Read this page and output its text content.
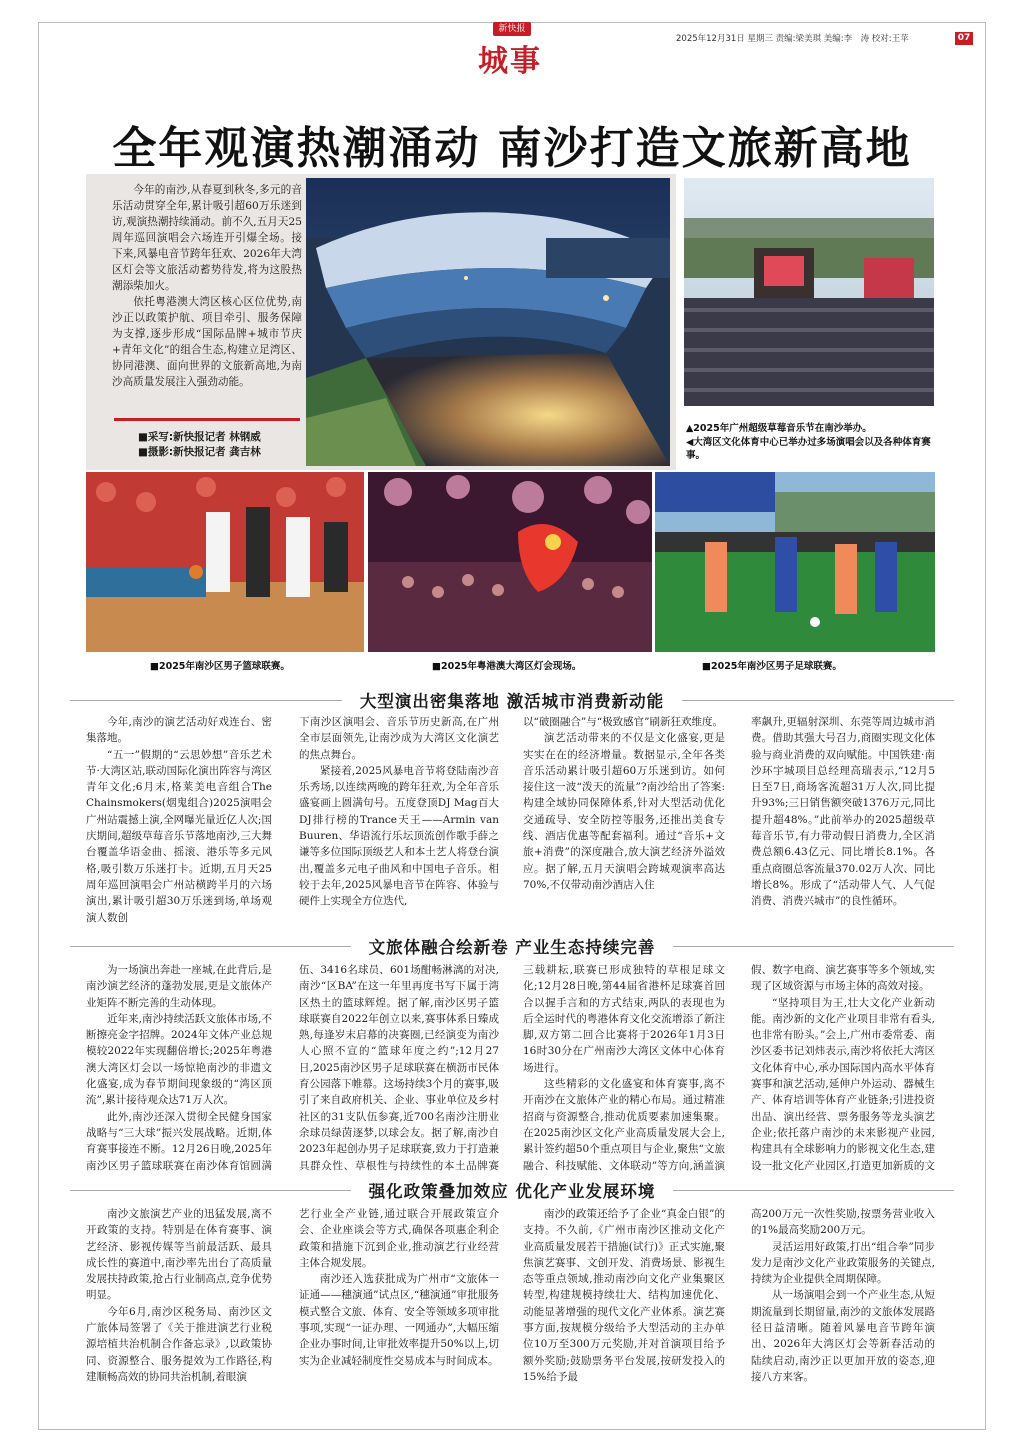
新快报
城事
2025年12月31日 星期三 责编:梁美琪 美编:李　涛 校对:王苹	07
全年观演热潮涌动 南沙打造文旅新高地

今年的南沙,从春夏到秋冬,多元的音乐活动贯穿全年,累计吸引超60万乐迷到访,观演热潮持续涌动。前不久,五月天25周年巡回演唱会六场连开引爆全场。接下来,风暴电音节跨年狂欢、2026年大湾区灯会等文旅活动蓄势待发,将为这股热潮添柴加火。

依托粤港澳大湾区核心区位优势,南沙正以政策护航、项目牵引、服务保障为支撑,逐步形成“国际品牌+城市节庆+青年文化”的组合生态,构建立足湾区、协同港澳、面向世界的文旅新高地,为南沙高质量发展注入强劲动能。

■采写:新快报记者 林钢威
■摄影:新快报记者 龚吉林
▲2025年广州超级草莓音乐节在南沙举办。
◀大湾区文化体育中心已举办过多场演唱会以及各种体育赛事。
■2025年南沙区男子篮球联赛。	■2025年粤港澳大湾区灯会现场。	■2025年南沙区男子足球联赛。
大型演出密集落地 激活城市消费新动能

今年,南沙的演艺活动好戏连台、密集落地。

“五一”假期的“云思妙想”音乐艺术节·大湾区站,联动国际化演出阵容与湾区青年文化;6月末,格莱美电音组合The Chainsmokers(烟鬼组合)2025演唱会广州站震撼上演,全网曝光量近亿人次;国庆期间,超级草莓音乐节落地南沙,三大舞台覆盖华语金曲、摇滚、港乐等多元风格,吸引数万乐迷打卡。近期,五月天25周年巡回演唱会广州站横跨半月的六场演出,累计吸引超30万乐迷到场,单场观演人数创

下南沙区演唱会、音乐节历史新高,在广州全市层面领先,让南沙成为大湾区文化演艺的焦点舞台。

紧接着,2025风暴电音节将登陆南沙音乐秀场,以连续两晚的跨年狂欢,为全年音乐盛宴画上圆满句号。五度登顶DJ Mag百大DJ排行榜的Trance天王——Armin van Buuren、华语流行乐坛顶流创作歌手薛之谦等多位国际顶级艺人和本土艺人将登台演出,覆盖多元电子曲风和中国电子音乐。相较于去年,2025风暴电音节在阵容、体验与硬件上实现全方位迭代,

以“破圈融合”与“极致感官”刷新狂欢维度。

演艺活动带来的不仅是文化盛宴,更是实实在在的经济增量。数据显示,全年各类音乐活动累计吸引超60万乐迷到访。如何接住这一波“泼天的流量”?南沙给出了答案:构建全域协同保障体系,针对大型活动优化交通疏导、安全防控等服务,还推出美食专线、酒店优惠等配套福利。通过“音乐+文旅+消费”的深度融合,放大演艺经济外溢效应。据了解,五月天演唱会跨城观演率高达70%,不仅带动南沙酒店入住

率飙升,更辐射深圳、东莞等周边城市消费。借助其强大号召力,商圈实现文化体验与商业消费的双向赋能。中国铁建·南沙环宇城项目总经理高瑞表示,“12月5日至7日,商场客流超31万人次,同比提升93%;三日销售额突破1376万元,同比提升超48%。”此前举办的2025超级草莓音乐节,有力带动假日消费力,全区消费总额6.43亿元、同比增长8.1%。各重点商圈总客流量370.02万人次、同比增长8%。形成了“活动带人气、人气促消费、消费兴城市”的良性循环。

文旅体融合绘新卷 产业生态持续完善

为一场演出奔赴一座城,在此背后,是南沙演艺经济的蓬勃发展,更是文旅体产业矩阵不断完善的生动体现。

近年来,南沙持续活跃文旅体市场,不断擦亮金字招牌。2024年文体产业总规模较2022年实现翻倍增长;2025年粤港澳大湾区灯会以一场惊艳南沙的非遗文化盛宴,成为春节期间现象级的“湾区顶流”,累计接待观众达71万人次。

此外,南沙还深入贯彻全民健身国家战略与“三大球”振兴发展战略。近期,体育赛事接连不断。12月26日晚,2025年南沙区男子篮球联赛在南沙体育馆圆满

伍、3416名球员、601场酣畅淋漓的对决,南沙“区BA”在这一年里再度书写下属于湾区热土的篮球辉煌。据了解,南沙区男子篮球联赛自2022年创立以来,赛事体系日臻成熟,每逢岁末启幕的决赛圈,已经演变为南沙人心照不宣的“篮球年度之约”;12月27日,2025南沙区男子足球联赛在横沥市民体育公园落下帷幕。这场持续3个月的赛事,吸引了来自政府机关、企业、事业单位及乡村社区的31支队伍参赛,近700名南沙注册业余球员绿茵逐梦,以球会友。据了解,南沙自2023年起创办男子足球联赛,致力于打造兼具群众性、草根性与持续性的本土品牌赛

三载耕耘,联赛已形成独特的草根足球文化;12月28日晚,第44届省港杯足球赛首回合以握手言和的方式结束,两队的表现也为后全运时代的粤港体育文化交流增添了新注脚,双方第二回合比赛将于2026年1月3日16时30分在广州南沙大湾区文体中心体育场进行。

这些精彩的文化盛宴和体育赛事,离不开南沙在文旅体产业的精心布局。通过精准招商与资源整合,推动优质要素加速集聚。在2025南沙区文化产业高质量发展大会上,累计签约超50个重点项目与企业,聚焦“文旅融合、科技赋能、文体联动”等方向,涵盖演

假、数字电商、演艺赛事等多个领域,实现了区域资源与市场主体的高效对接。

“坚持项目为王,壮大文化产业新动能。南沙新的文化产业项目非常有看头,也非常有盼头。”会上,广州市委常委、南沙区委书记刘炜表示,南沙将依托大湾区文化体育中心,承办国际国内高水平体育赛事和演艺活动,延伸户外运动、器械生产、体育培训等体育产业链条;引进投资出品、演出经营、票务服务等龙头演艺企业;依托落户南沙的未来影视产业园,构建具有全球影响力的影视文化生态,建设一批文化产业园区,打造更加新质的文

强化政策叠加效应 优化产业发展环境

南沙文旅演艺产业的迅猛发展,离不开政策的支持。特别是在体育赛事、演艺经济、影视传媒等当前最活跃、最具成长性的赛道中,南沙率先出台了高质量发展扶持政策,抢占行业制高点,竞争优势明显。

今年6月,南沙区税务局、南沙区文广旅体局签署了《关于推进演艺行业税源培植共治机制合作备忘录》,以政策协同、资源整合、服务提效为工作路径,构建顺畅高效的协同共治机制,着眼演

艺行业全产业链,通过联合开展政策宣介会、企业座谈会等方式,确保各项惠企利企政策和措施下沉到企业,推动演艺行业经营主体合规发展。

南沙还入选获批成为广州市“文旅体一证通——穗演通”试点区,“穗演通”审批服务模式整合文旅、体育、安全等领域多项审批事项,实现“一证办理、一网通办”,大幅压缩企业办事时间,让审批效率提升50%以上,切实为企业减轻制度性交易成本与时间成本。

南沙的政策还给予了企业“真金白银”的支持。不久前,《广州市南沙区推动文化产业高质量发展若干措施(试行)》正式实施,聚焦演艺赛事、文创开发、消费场景、影视生态等重点领域,推动南沙向文化产业集聚区转型,构建规模持续壮大、结构加速优化、动能显著增强的现代文化产业体系。演艺赛事方面,按规模分级给予大型活动的主办单位10万至300万元奖励,并对首演项目给予额外奖励;鼓励票务平台发展,按研发投入的15%给予最

高200万元一次性奖励,按票务营业收入的1%最高奖励200万元。

灵活运用好政策,打出“组合拳”同步发力是南沙文化产业政策服务的关键点,持续为企业提供全周期保障。

从一场演唱会到一个产业生态,从短期流量到长期留量,南沙的文旅体发展路径日益清晰。随着风暴电音节跨年演出、2026年大湾区灯会等新春活动的陆续启动,南沙正以更加开放的姿态,迎接八方来客。
